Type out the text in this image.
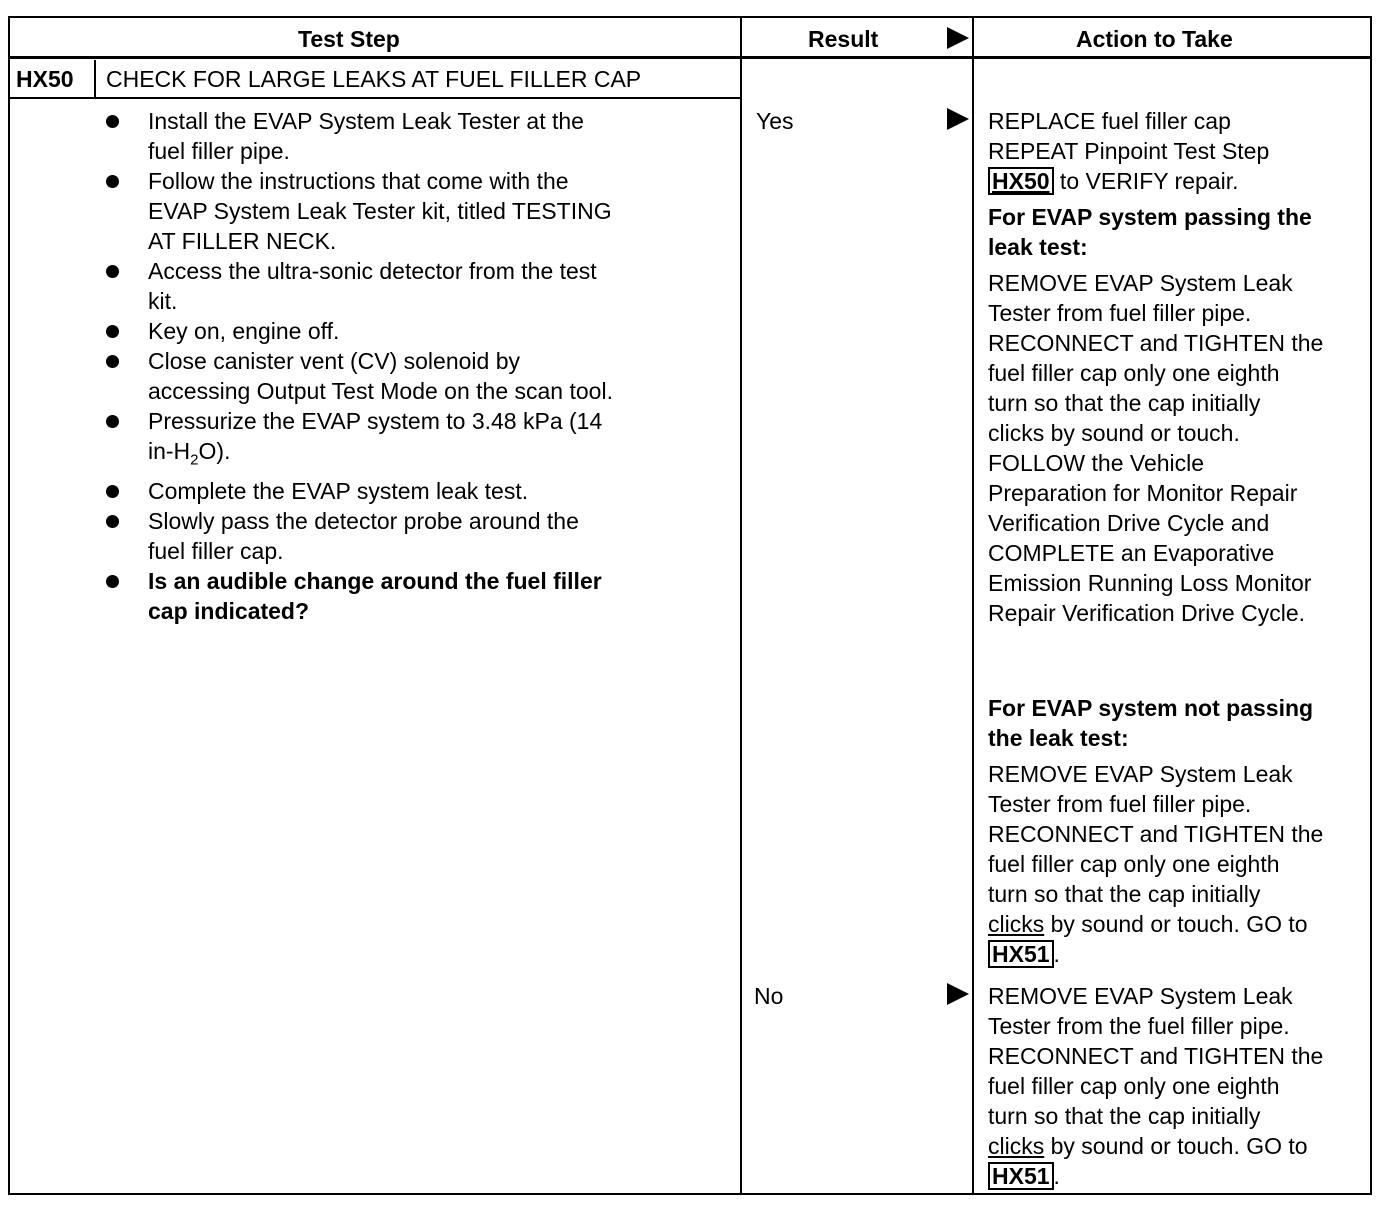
Test Step	Result	Action to Take
HX50 CHECK FOR LARGE LEAKS AT FUEL FILLER CAP
Install the EVAP System Leak Tester at the
fuel filler pipe.
Follow the instructions that come with the
EVAP System Leak Tester kit, titled TESTING
AT FILLER NECK.
Access the ultra-sonic detector from the test
kit.
Key on, engine off.
Close canister vent (CV) solenoid by
accessing Output Test Mode on the scan tool.
Pressurize the EVAP system to 3.48 kPa (14
$in-H_2O$).
Complete the EVAP system leak test.
Slowly pass the detector probe around the
fuel filler cap.
Is an audible change around the fuel filler
cap indicated?
Yes
No
REPLACE fuel filler cap
REPEAT Pinpoint Test Step
HX50 to VERIFY repair.
For EVAP system passing the
leak test:
REMOVE EVAP System Leak
Tester from fuel filler pipe.
RECONNECT and TIGHTEN the
fuel filler cap only one eighth
turn so that the cap initially
clicks by sound or touch.
FOLLOW the Vehicle
Preparation for Monitor Repair
Verification Drive Cycle and
COMPLETE an Evaporative
Emission Running Loss Monitor
Repair Verification Drive Cycle.
For EVAP system not passing
the leak test:
REMOVE EVAP System Leak
Tester from fuel filler pipe.
RECONNECT and TIGHTEN the
fuel filler cap only one eighth
turn so that the cap initially
clicks by sound or touch. GO to
HX51 .
REMOVE EVAP System Leak
Tester from the fuel filler pipe.
RECONNECT and TIGHTEN the
fuel filler cap only one eighth
turn so that the cap initially
clicks by sound or touch. GO to
HX51 .
